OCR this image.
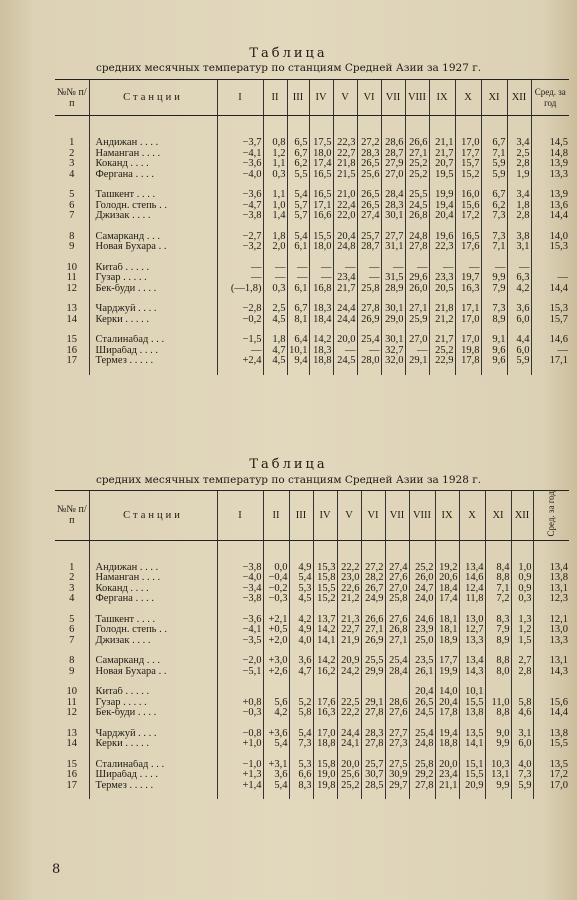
Таблица
средних месячных температур по станциям Средней Азии за 1927 г.
№№ п/п	Станции	I	II	III	IV	V	VI	VII	VIII	IX	X	XI	XII	Сред. за год

1	Андижан . . . .	−3,7	0,8	6,5	17,5	22,3	27,2	28,6	26,6	21,1	17,0	6,7	3,4	14,5
2	Наманган . . . .	−4,1	1,2	6,7	18,0	22,7	28,3	28,7	27,1	21,7	17,7	7,1	2,5	14,8
3	Коканд . . . .	−3,6	1,1	6,2	17,4	21,8	26,5	27,9	25,2	20,7	15,7	5,9	2,8	13,9
4	Фергана . . . .	−4,0	0,3	5,5	16,5	21,5	25,6	27,0	25,2	19,5	15,2	5,9	1,9	13,3

5	Ташкент . . . .	−3,6	1,1	5,4	16,5	21,0	26,5	28,4	25,5	19,9	16,0	6,7	3,4	13,9
6	Голодн. степь . .	−4,7	1,0	5,7	17,1	22,4	26,5	28,3	24,5	19,4	15,6	6,2	1,8	13,6
7	Джизак . . . .	−3,8	1,4	5,7	16,6	22,0	27,4	30,1	26,8	20,4	17,2	7,3	2,8	14,4

8	Самарканд . . .	−2,7	1,8	5,4	15,5	20,4	25,7	27,7	24,8	19,6	16,5	7,3	3,8	14,0
9	Новая Бухара . .	−3,2	2,0	6,1	18,0	24,8	28,7	31,1	27,8	22,3	17,6	7,1	3,1	15,3

10	Китаб . . . . .	—	—	—	—	—	—	—	—	—	—	—	—	
11	Гузар . . . . .	—	—	—	—	23,4	—	31,5	29,6	23,3	19,7	9,9	6,3	—
12	Бек-буди . . . .	(—1,8)	0,3	6,1	16,8	21,7	25,8	28,9	26,0	20,5	16,3	7,9	4,2	14,4

13	Чарджуй . . . .	−2,8	2,5	6,7	18,3	24,4	27,8	30,1	27,1	21,8	17,1	7,3	3,6	15,3
14	Керки . . . . .	−0,2	4,5	8,1	18,4	24,4	26,9	29,0	25,9	21,2	17,0	8,9	6,0	15,7

15	Сталинабад . . .	−1,5	1,8	6,4	14,2	20,0	25,4	30,1	27,0	21,7	17,0	9,1	4,4	14,6
16	Ширабад . . . .	—	4,7	10,1	18,3	—	—	32,7	—	25,2	19,8	9,6	6,0	—
17	Термез . . . . .	+2,4	4,5	9,4	18,8	24,5	28,0	32,0	29,1	22,9	17,8	9,6	5,9	17,1

Таблица
средних месячных температур по станциям Средней Азии за 1928 г.
№№ п/п	Станции	I	II	III	IV	V	VI	VII	VIII	IX	X	XI	XII	Сред. за год

1	Андижан . . . .	−3,8	0,0	4,9	15,3	22,2	27,2	27,4	25,2	19,2	13,4	8,4	1,0	13,4
2	Наманган . . . .	−4,0	−0,4	5,4	15,8	23,0	28,2	27,6	26,0	20,6	14,6	8,8	0,9	13,8
3	Коканд . . . .	−3,4	−0,2	5,3	15,5	22,6	26,7	27,0	24,7	18,4	12,4	7,1	0,9	13,1
4	Фергана . . . .	−3,8	−0,3	4,5	15,2	21,2	24,9	25,8	24,0	17,4	11,8	7,2	0,3	12,3

5	Ташкент . . . .	−3,6	+2,1	4,2	13,7	21,3	26,6	27,6	24,6	18,1	13,0	8,3	1,3	12,1
6	Голодн. степь . .	−4,1	+0,5	4,9	14,2	22,7	27,1	26,8	23,9	18,1	12,7	7,9	1,2	13,0
7	Джизак . . . .	−3,5	+2,0	4,0	14,1	21,9	26,9	27,1	25,0	18,9	13,3	8,9	1,5	13,3

8	Самарканд . . .	−2,0	+3,0	3,6	14,2	20,9	25,5	25,4	23,5	17,7	13,4	8,8	2,7	13,1
9	Новая Бухара . .	−5,1	+2,6	4,7	16,2	24,2	29,9	28,4	26,1	19,9	14,3	8,0	2,8	14,3

10	Китаб . . . . .								20,4	14,0	10,1			
11	Гузар . . . . .	+0,8	5,6	5,2	17,6	22,5	29,1	28,6	26,5	20,4	15,5	11,0	5,8	15,6
12	Бек-буди . . . .	−0,3	4,2	5,8	16,3	22,2	27,8	27,6	24,5	17,8	13,8	8,8	4,6	14,4

13	Чарджуй . . . .	−0,8	+3,6	5,4	17,0	24,4	28,3	27,7	25,4	19,4	13,5	9,0	3,1	13,8
14	Керки . . . . .	+1,0	5,4	7,3	18,8	24,1	27,8	27,3	24,8	18,8	14,1	9,9	6,0	15,5

15	Сталинабад . . .	−1,0	+3,1	5,3	15,8	20,0	25,7	27,5	25,8	20,0	15,1	10,3	4,0	13,5
16	Ширабад . . . .	+1,3	3,6	6,6	19,0	25,6	30,7	30,9	29,2	23,4	15,5	13,1	7,3	17,2
17	Термез . . . . .	+1,4	5,4	8,3	19,8	25,2	28,5	29,7	27,8	21,1	20,9	9,9	5,9	17,0

8
